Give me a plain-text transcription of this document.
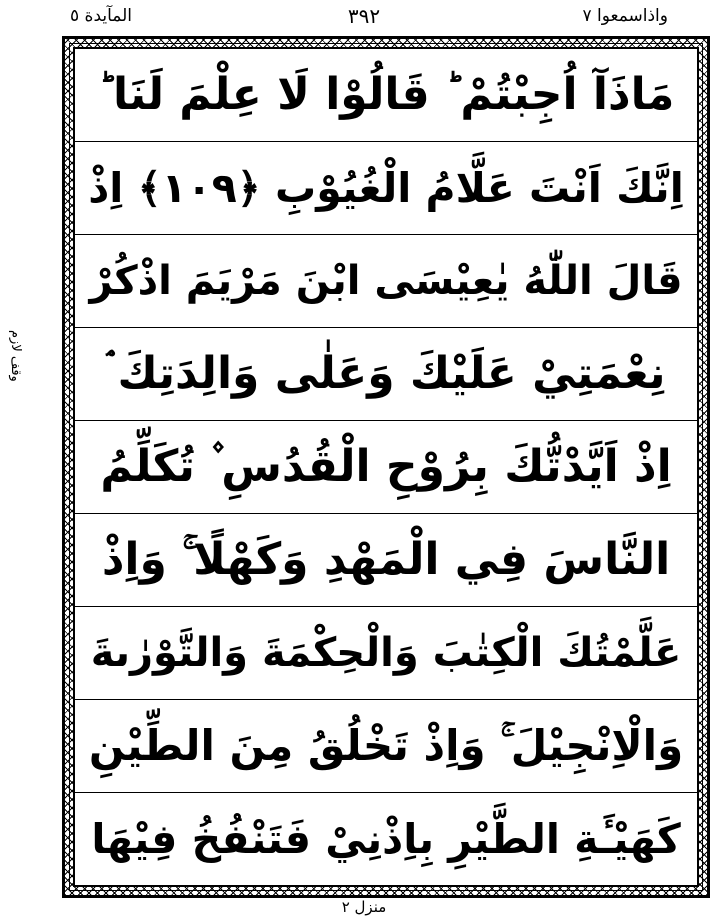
واذاسمعوا ٧
٣٩٢
المآيدة ٥
وقف لازم
مَاذَآ اُجِبْتُمْ ؕ قَالُوْا لَا عِلْمَ لَنَا ؕ
اِنَّكَ اَنْتَ عَلَّامُ الْغُيُوْبِ ﴿١٠٩﴾ اِذْ
قَالَ اللّٰهُ يٰعِيْسَى ابْنَ مَرْيَمَ اذْكُرْ
نِعْمَتِيْ عَلَيْكَ وَعَلٰى وَالِدَتِكَ ۘ
اِذْ اَيَّدْتُّكَ بِرُوْحِ الْقُدُسِ ۫ تُكَلِّمُ
النَّاسَ فِي الْمَهْدِ وَكَهْلًا ۚ وَاِذْ
عَلَّمْتُكَ الْكِتٰبَ وَالْحِكْمَةَ وَالتَّوْرٰىةَ
وَالْاِنْجِيْلَ ۚ وَاِذْ تَخْلُقُ مِنَ الطِّيْنِ
كَهَيْـَٔةِ الطَّيْرِ بِاِذْنِيْ فَتَنْفُخُ فِيْهَا
منزل ٢
